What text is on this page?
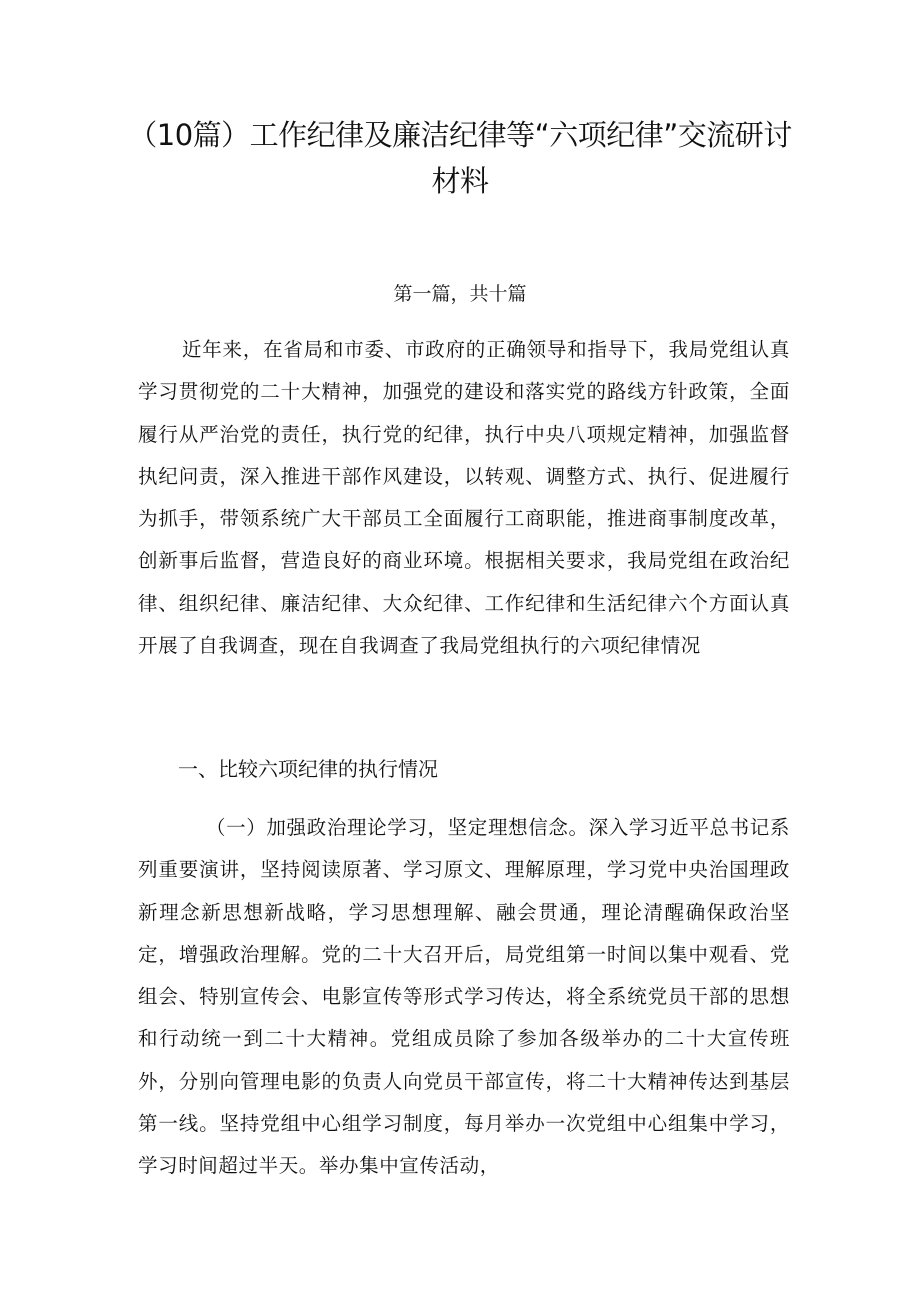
（10篇）工作纪律及廉洁纪律等“六项纪律”交流研讨材料

第一篇，共十篇

近年来，在省局和市委、市政府的正确领导和指导下，我局党组认真学习贯彻党的二十大精神，加强党的建设和落实党的路线方针政策，全面履行从严治党的责任，执行党的纪律，执行中央八项规定精神，加强监督执纪问责，深入推进干部作风建设，以转观、调整方式、执行、促进履行为抓手，带领系统广大干部员工全面履行工商职能，推进商事制度改革，创新事后监督，营造良好的商业环境。根据相关要求，我局党组在政治纪律、组织纪律、廉洁纪律、大众纪律、工作纪律和生活纪律六个方面认真开展了自我调查，现在自我调查了我局党组执行的六项纪律情况

一、比较六项纪律的执行情况

（一）加强政治理论学习，坚定理想信念。深入学习近平总书记系列重要演讲，坚持阅读原著、学习原文、理解原理，学习党中央治国理政新理念新思想新战略，学习思想理解、融会贯通，理论清醒确保政治坚定，增强政治理解。党的二十大召开后，局党组第一时间以集中观看、党组会、特别宣传会、电影宣传等形式学习传达，将全系统党员干部的思想和行动统一到二十大精神。党组成员除了参加各级举办的二十大宣传班外，分别向管理电影的负责人向党员干部宣传，将二十大精神传达到基层第一线。坚持党组中心组学习制度，每月举办一次党组中心组集中学习，学习时间超过半天。举办集中宣传活动，
